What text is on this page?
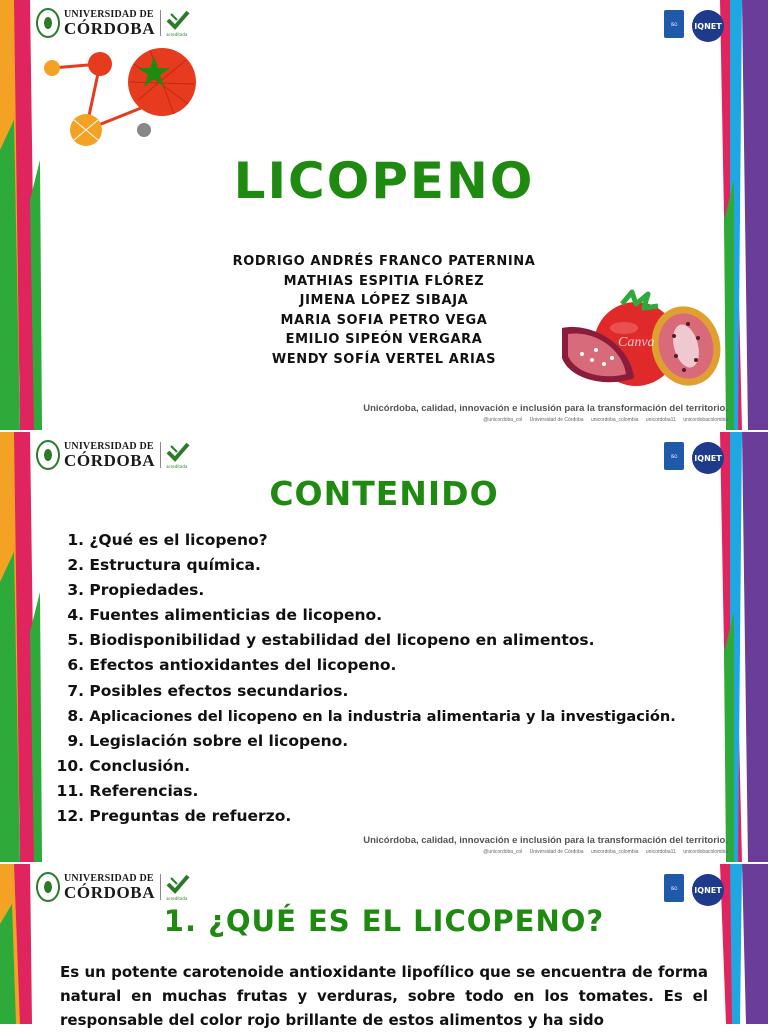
UNIVERSIDAD DE
CÓRDOBA	acreditada
ISO	IQNET
LICOPENO
RODRIGO ANDRÉS FRANCO PATERNINA
MATHIAS ESPITIA FLÓREZ
JIMENA LÓPEZ SIBAJA
MARIA SOFIA PETRO VEGA
EMILIO SIPEÓN VERGARA
WENDY SOFÍA VERTEL ARIAS
Canva
Unicórdoba, calidad, innovación e inclusión para la transformación del territorio.
@unicordoba_col Universidad de Córdoba unicordoba_colombia unicordoba11 unicordobacolombia
UNIVERSIDAD DE
CÓRDOBA	acreditada
ISO	IQNET
CONTENIDO
Unicórdoba, calidad, innovación e inclusión para la transformación del territorio.
@unicordoba_col Universidad de Córdoba unicordoba_colombia unicordoba11 unicordobacolombia
1.
¿Qué es el licopeno?
2.
Estructura química.
3.
Propiedades.
4.
Fuentes alimenticias de licopeno.
5.
Biodisponibilidad y estabilidad del licopeno en alimentos.
6.
Efectos antioxidantes del licopeno.
7.
Posibles efectos secundarios.
8.
Aplicaciones del licopeno en la industria alimentaria y la investigación.
9.
Legislación sobre el licopeno.
10.
Conclusión.
11.
Referencias.
12.
Preguntas de refuerzo.
UNIVERSIDAD DE
CÓRDOBA	acreditada
ISO	IQNET
1. ¿QUÉ ES EL LICOPENO?
Es un potente carotenoide antioxidante lipofílico que se encuentra de forma natural en muchas frutas y verduras, sobre todo en los tomates. Es el responsable del color rojo brillante de estos alimentos y ha sido
